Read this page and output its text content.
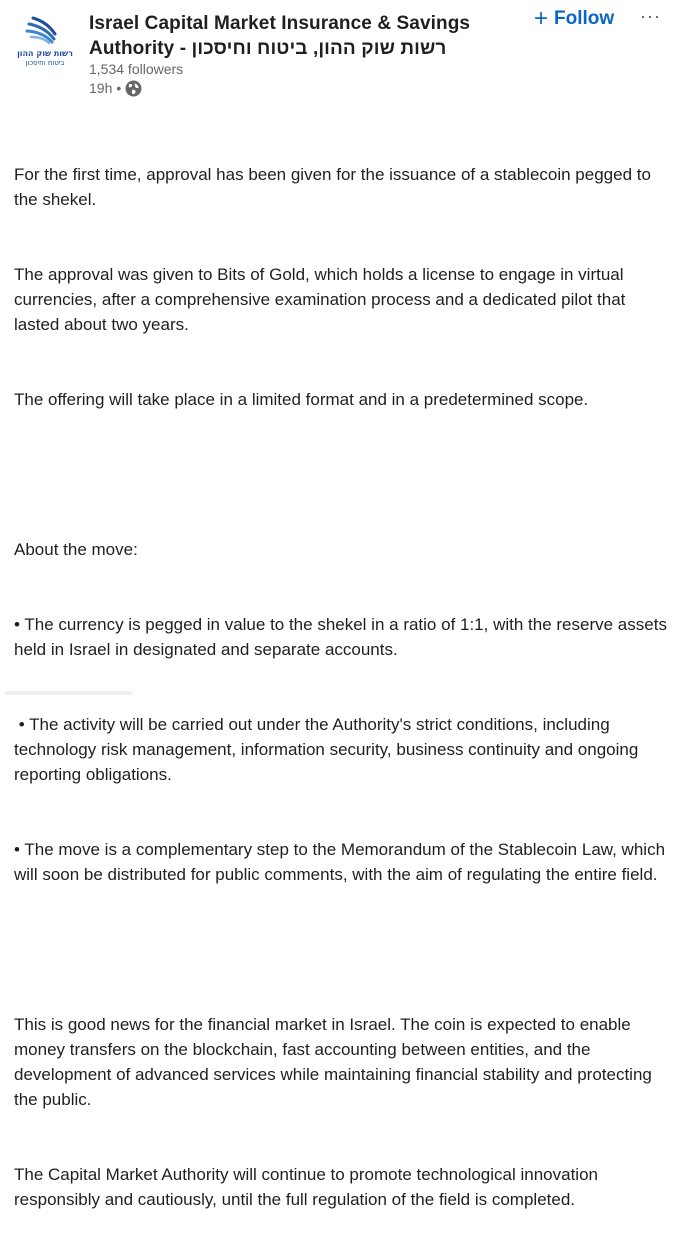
רשות שוק ההון
ביטוח וחיסכון
Israel Capital Market Insurance & Savings
Authority - רשות שוק ההון, ביטוח וחיסכון
1,534 followers
19h •
+ Follow ···

For the first time, approval has been given for the issuance of a stablecoin pegged to the shekel.

The approval was given to Bits of Gold, which holds a license to engage in virtual currencies, after a comprehensive examination process and a dedicated pilot that lasted about two years.

The offering will take place in a limited format and in a predetermined scope.

About the move:

• The currency is pegged in value to the shekel in a ratio of 1:1, with the reserve assets held in Israel in designated and separate accounts.

• The activity will be carried out under the Authority's strict conditions, including technology risk management, information security, business continuity and ongoing reporting obligations.

• The move is a complementary step to the Memorandum of the Stablecoin Law, which will soon be distributed for public comments, with the aim of regulating the entire field.

This is good news for the financial market in Israel. The coin is expected to enable money transfers on the blockchain, fast accounting between entities, and the development of advanced services while maintaining financial stability and protecting the public.

The Capital Market Authority will continue to promote technological innovation responsibly and cautiously, until the full regulation of the field is completed.
